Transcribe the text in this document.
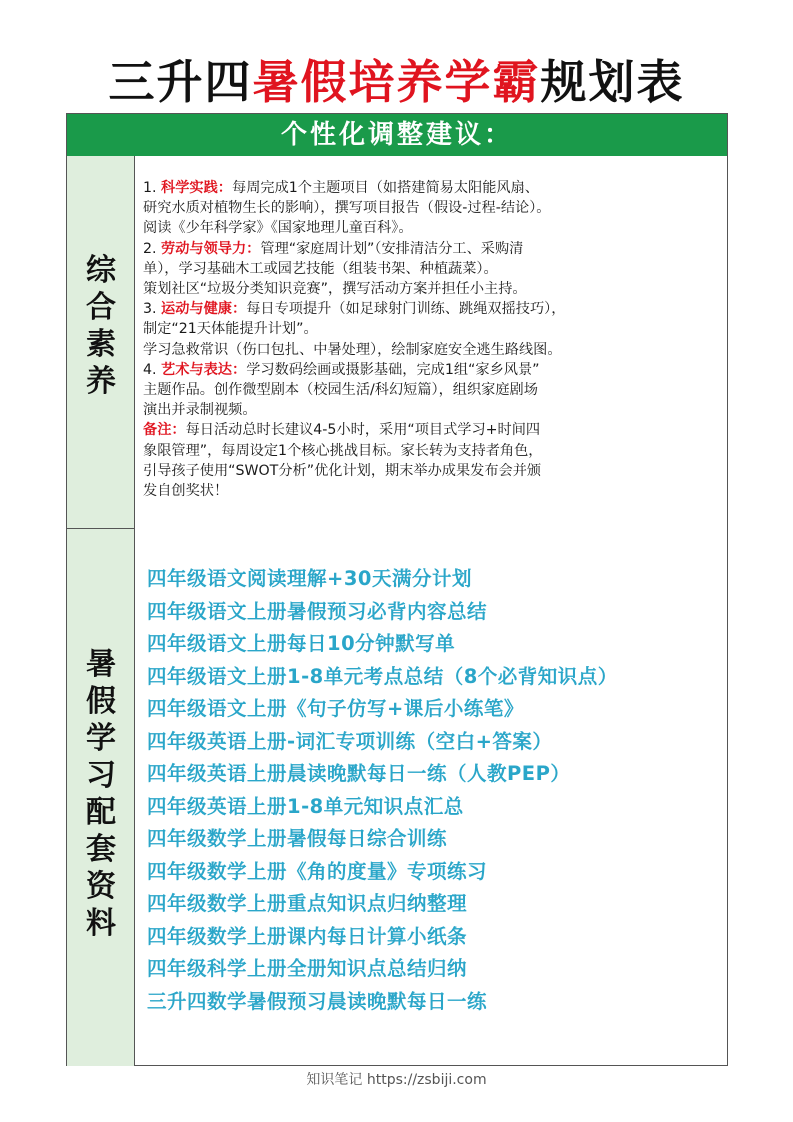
三升四暑假培养学霸规划表
个性化调整建议：
综
合
素
养
暑
假
学
习
配
套
资
料

1. 科学实践：每周完成1个主题项目（如搭建简易太阳能风扇、

研究水质对植物生长的影响），撰写项目报告（假设-过程-结论）。

阅读《少年科学家》《国家地理儿童百科》。

2. 劳动与领导力：管理“家庭周计划”（安排清洁分工、采购清

单），学习基础木工或园艺技能（组装书架、种植蔬菜）。

策划社区“垃圾分类知识竞赛”，撰写活动方案并担任小主持。

3. 运动与健康：每日专项提升（如足球射门训练、跳绳双摇技巧），

制定“21天体能提升计划”。

学习急救常识（伤口包扎、中暑处理），绘制家庭安全逃生路线图。

4. 艺术与表达：学习数码绘画或摄影基础，完成1组“家乡风景”

主题作品。创作微型剧本（校园生活/科幻短篇），组织家庭剧场

演出并录制视频。

备注：每日活动总时长建议4-5小时，采用“项目式学习+时间四

象限管理”，每周设定1个核心挑战目标。家长转为支持者角色，

引导孩子使用“SWOT分析”优化计划，期末举办成果发布会并颁

发自创奖状！

四年级语文阅读理解+30天满分计划
四年级语文上册暑假预习必背内容总结
四年级语文上册每日10分钟默写单
四年级语文上册1-8单元考点总结（8个必背知识点）
四年级语文上册《句子仿写+课后小练笔》
四年级英语上册-词汇专项训练（空白+答案）
四年级英语上册晨读晚默每日一练（人教PEP）
四年级英语上册1-8单元知识点汇总
四年级数学上册暑假每日综合训练
四年级数学上册《角的度量》专项练习
四年级数学上册重点知识点归纳整理
四年级数学上册课内每日计算小纸条
四年级科学上册全册知识点总结归纳
三升四数学暑假预习晨读晚默每日一练
知识笔记 https://zsbiji.com
